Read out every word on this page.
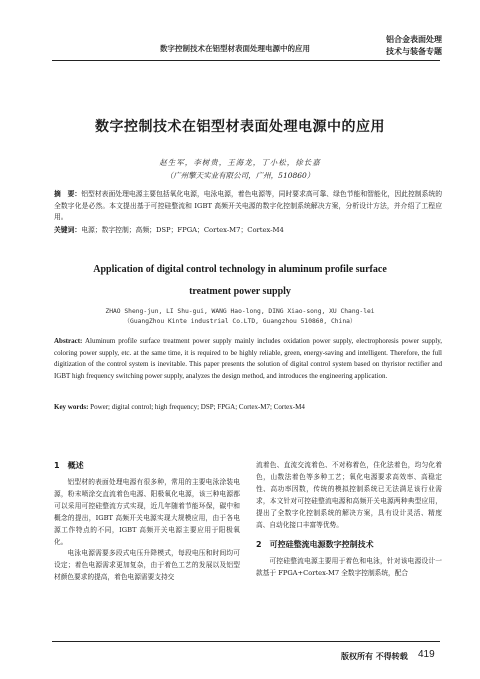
数字控制技术在铝型材表面处理电源中的应用
铝合金表面处理
技术与装备专题
数字控制技术在铝型材表面处理电源中的应用
赵生军，李树贵，王海龙，丁小松，徐长嘉
（广州擎天实业有限公司，广州，510860）
摘　要：铝型材表面处理电源主要包括氧化电源，电泳电源，着色电源等，同时要求高可靠、绿色节能和智能化，因此控制系统的全数字化是必然。本文提出基于可控硅整流和 IGBT 高频开关电源的数字化控制系统解决方案，分析设计方法，并介绍了工程应用。
关键词：电源；数字控制；高频；DSP；FPGA；Cortex-M7；Cortex-M4
Application of digital control technology in aluminum profile surface
treatment power supply
ZHAO Sheng-jun, LI Shu-gui, WANG Hao-long, DING Xiao-song, XU Chang-lei
（GuangZhou Kinte industrial Co.LTD, Guangzhou 510860, China）
Abstract: Aluminum profile surface treatment power supply mainly includes oxidation power supply, electrophoresis power supply, coloring power supply, etc. at the same time, it is required to be highly reliable, green, energy-saving and intelligent. Therefore, the full digitization of the control system is inevitable. This paper presents the solution of digital control system based on thyristor rectifier and IGBT high frequency switching power supply, analyzes the design method, and introduces the engineering application.
Key words: Power; digital control; high frequency; DSP; FPGA; Cortex-M7; Cortex-M4
1　概述

铝型材的表面处理电源有很多种，常用的主要电泳涂装电源，粉末喷涂交直流着色电源、阳极氧化电源，该三种电源都可以采用可控硅整流方式实现，近几年随着节能环保，碳中和概念的提出，IGBT 高频开关电源实现大规模应用，由于各电源工作特点的不同，IGBT 高频开关电源主要应用于阳极氧化。

电泳电源需要多段式电压升降模式，每段电压和时间均可设定；着色电源需求更加复杂，由于着色工艺的发展以及铝型材颜色要求的提高，着色电源需要支持交

流着色、直流交流着色、不对称着色，住化法着色，均匀化着色，山数法着色等多种工艺；氧化电源要求高效率、高稳定性、高功率因数，传统的模拟控制系统已无法满足该行业需求，本文针对可控硅整流电源和高频开关电源两种典型应用，提出了全数字化控制系统的解决方案，具有设计灵活、精度高、自动化接口丰富等优势。

2　可控硅整流电源数字控制技术

可控硅整流电源主要用于着色和电泳，针对该电源设计一款基于 FPGA+Cortex-M7 全数字控制系统，配合

版权所有 不得转载 419
